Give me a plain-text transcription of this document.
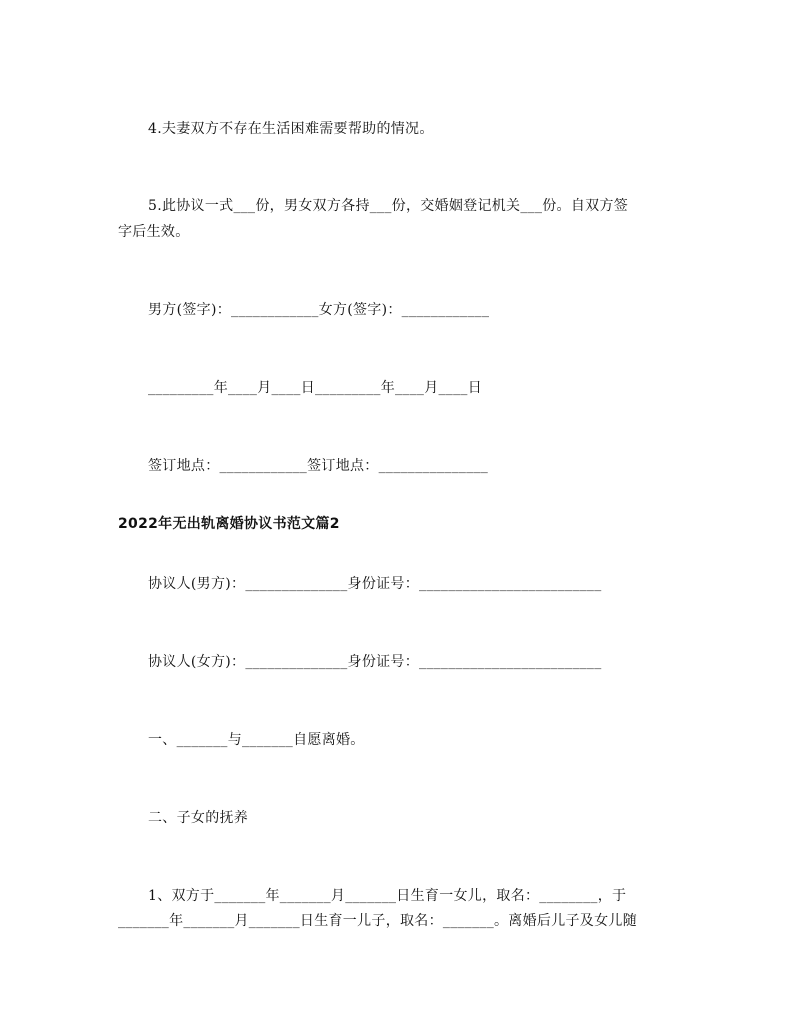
4.夫妻双方不存在生活困难需要帮助的情况。
5.此协议一式___份，男女双方各持___份，交婚姻登记机关___份。自双方签
字后生效。
男方(签字)：____________女方(签字)：____________
_________年____月____日_________年____月____日
签订地点：____________签订地点：_______________
2022年无出轨离婚协议书范文篇2
协议人(男方)：______________身份证号：_________________________
协议人(女方)：______________身份证号：_________________________
一、_______与_______自愿离婚。
二、子女的抚养
1、双方于_______年_______月_______日生育一女儿，取名：________，于
_______年_______月_______日生育一儿子，取名：_______。离婚后儿子及女儿随
